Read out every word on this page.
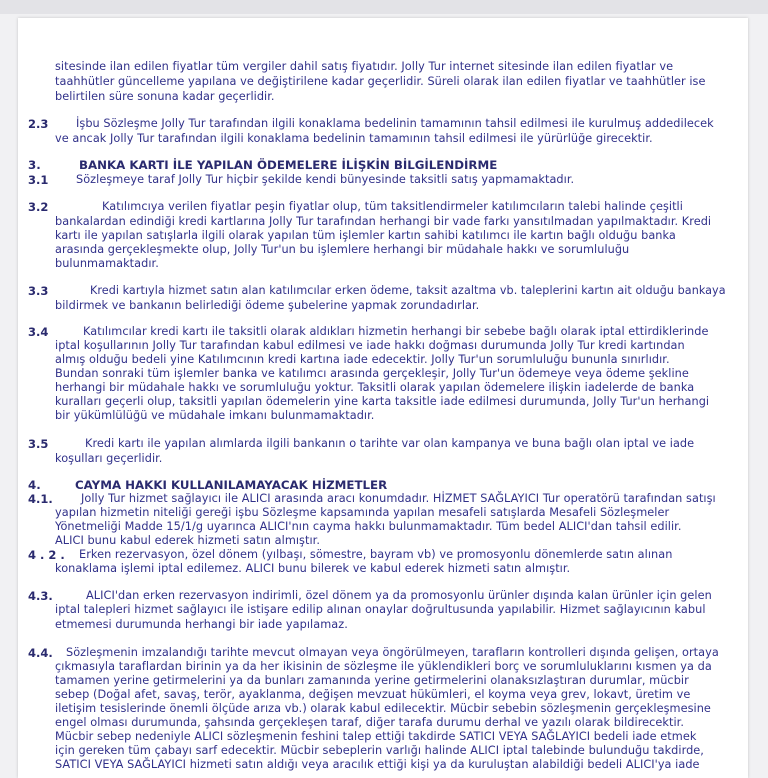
sitesinde ilan edilen fiyatlar tüm vergiler dahil satış fiyatıdır. Jolly Tur internet sitesinde ilan edilen fiyatlar ve
taahhütler güncelleme yapılana ve değiştirilene kadar geçerlidir. Süreli olarak ilan edilen fiyatlar ve taahhütler ise
belirtilen süre sonuna kadar geçerlidir.
2.3 İşbu Sözleşme Jolly Tur tarafından ilgili konaklama bedelinin tamamının tahsil edilmesi ile kurulmuş addedilecek
ve ancak Jolly Tur tarafından ilgili konaklama bedelinin tamamının tahsil edilmesi ile yürürlüğe girecektir.
3.	BANKA KARTI İLE YAPILAN ÖDEMELERE İLİŞKİN BİLGİLENDİRME
3.1 Sözleşmeye taraf Jolly Tur hiçbir şekilde kendi bünyesinde taksitli satış yapmamaktadır.
3.2	Katılımcıya verilen fiyatlar peşin fiyatlar olup, tüm taksitlendirmeler katılımcıların talebi halinde çeşitli
bankalardan edindiği kredi kartlarına Jolly Tur tarafından herhangi bir vade farkı yansıtılmadan yapılmaktadır. Kredi
kartı ile yapılan satışlarla ilgili olarak yapılan tüm işlemler kartın sahibi katılımcı ile kartın bağlı olduğu banka
arasında gerçekleşmekte olup, Jolly Tur'un bu işlemlere herhangi bir müdahale hakkı ve sorumluluğu
bulunmamaktadır.
3.3	Kredi kartıyla hizmet satın alan katılımcılar erken ödeme, taksit azaltma vb. taleplerini kartın ait olduğu bankaya
bildirmek ve bankanın belirlediği ödeme şubelerine yapmak zorundadırlar.
3.4	Katılımcılar kredi kartı ile taksitli olarak aldıkları hizmetin herhangi bir sebebe bağlı olarak iptal ettirdiklerinde
iptal koşullarının Jolly Tur tarafından kabul edilmesi ve iade hakkı doğması durumunda Jolly Tur kredi kartından
almış olduğu bedeli yine Katılımcının kredi kartına iade edecektir. Jolly Tur'un sorumluluğu bununla sınırlıdır.
Bundan sonraki tüm işlemler banka ve katılımcı arasında gerçekleşir, Jolly Tur'un ödemeye veya ödeme şekline
herhangi bir müdahale hakkı ve sorumluluğu yoktur. Taksitli olarak yapılan ödemelere ilişkin iadelerde de banka
kuralları geçerli olup, taksitli yapılan ödemelerin yine karta taksitle iade edilmesi durumunda, Jolly Tur'un herhangi
bir yükümlülüğü ve müdahale imkanı bulunmamaktadır.
3.5	Kredi kartı ile yapılan alımlarda ilgili bankanın o tarihte var olan kampanya ve buna bağlı olan iptal ve iade
koşulları geçerlidir.
4.	CAYMA HAKKI KULLANILAMAYACAK HİZMETLER
4.1.	Jolly Tur hizmet sağlayıcı ile ALICI arasında aracı konumdadır. HİZMET SAĞLAYICI Tur operatörü tarafından satışı
yapılan hizmetin niteliği gereği işbu Sözleşme kapsamında yapılan mesafeli satışlarda Mesafeli Sözleşmeler
Yönetmeliği Madde 15/1/g uyarınca ALICI'nın cayma hakkı bulunmamaktadır. Tüm bedel ALICI'dan tahsil edilir.
ALICI bunu kabul ederek hizmeti satın almıştır.
4 . 2 . Erken rezervasyon, özel dönem (yılbaşı, sömestre, bayram vb) ve promosyonlu dönemlerde satın alınan
konaklama işlemi iptal edilemez. ALICI bunu bilerek ve kabul ederek hizmeti satın almıştır.
4.3.	ALICI'dan erken rezervasyon indirimli, özel dönem ya da promosyonlu ürünler dışında kalan ürünler için gelen
iptal talepleri hizmet sağlayıcı ile istişare edilip alınan onaylar doğrultusunda yapılabilir. Hizmet sağlayıcının kabul
etmemesi durumunda herhangi bir iade yapılamaz.
4.4. Sözleşmenin imzalandığı tarihte mevcut olmayan veya öngörülmeyen, tarafların kontrolleri dışında gelişen, ortaya
çıkmasıyla taraflardan birinin ya da her ikisinin de sözleşme ile yüklendikleri borç ve sorumluluklarını kısmen ya da
tamamen yerine getirmelerini ya da bunları zamanında yerine getirmelerini olanaksızlaştıran durumlar, mücbir
sebep (Doğal afet, savaş, terör, ayaklanma, değişen mevzuat hükümleri, el koyma veya grev, lokavt, üretim ve
iletişim tesislerinde önemli ölçüde arıza vb.) olarak kabul edilecektir. Mücbir sebebin sözleşmenin gerçekleşmesine
engel olması durumunda, şahsında gerçekleşen taraf, diğer tarafa durumu derhal ve yazılı olarak bildirecektir.
Mücbir sebep nedeniyle ALICI sözleşmenin feshini talep ettiği takdirde SATICI VEYA SAĞLAYICI bedeli iade etmek
için gereken tüm çabayı sarf edecektir. Mücbir sebeplerin varlığı halinde ALICI iptal talebinde bulunduğu takdirde,
SATICI VEYA SAĞLAYICI hizmeti satın aldığı veya aracılık ettiği kişi ya da kuruluştan alabildiği bedeli ALICI'ya iade
